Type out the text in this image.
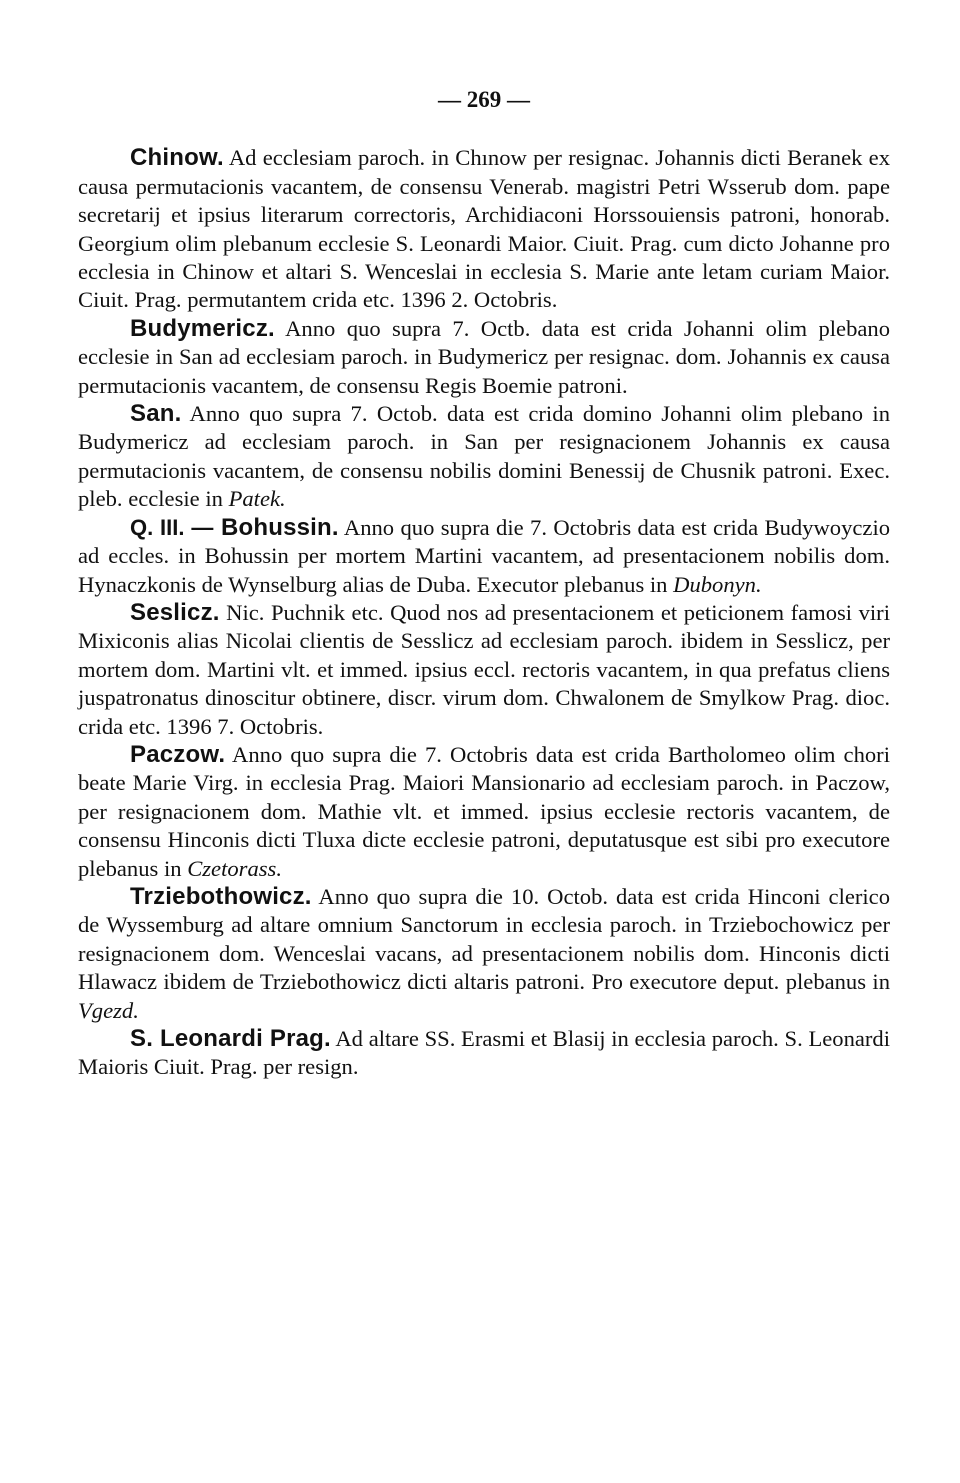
— 269 —

Chinow. Ad ecclesiam paroch. in Chınow per resignac. Johannis dicti Beranek ex causa permutacionis vacantem, de consensu Venerab. magistri Petri Wsserub dom. pape secretarij et ipsius literarum correctoris, Archidiaconi Horssouiensis patroni, honorab. Georgium olim plebanum ecclesie S. Leonardi Maior. Ciuit. Prag. cum dicto Johanne pro ecclesia in Chinow et altari S. Wenceslai in ecclesia S. Marie ante letam curiam Maior. Ciuit. Prag. permutantem crida etc. 1396 2. Octobris.

Budymericz. Anno quo supra 7. Octb. data est crida Johanni olim plebano ecclesie in San ad ecclesiam paroch. in Budymericz per resignac. dom. Johannis ex causa permutacionis vacantem, de consensu Regis Boemie patroni.

San. Anno quo supra 7. Octob. data est crida domino Johanni olim plebano in Budymericz ad ecclesiam paroch. in San per resignacionem Johannis ex causa permutacionis vacantem, de consensu nobilis domini Benessij de Chusnik patroni. Exec. pleb. ecclesie in Patek.

Q. III. — Bohussin. Anno quo supra die 7. Octobris data est crida Budywoyczio ad eccles. in Bohussin per mortem Martini vacantem, ad presentacionem nobilis dom. Hynaczkonis de Wynselburg alias de Duba. Executor plebanus in Dubonyn.

Seslicz. Nic. Puchnik etc. Quod nos ad presentacionem et peticionem famosi viri Mixiconis alias Nicolai clientis de Sesslicz ad ecclesiam paroch. ibidem in Sesslicz, per mortem dom. Martini vlt. et immed. ipsius eccl. rectoris vacantem, in qua prefatus cliens juspatronatus dinoscitur obtinere, discr. virum dom. Chwalonem de Smylkow Prag. dioc. crida etc. 1396 7. Octobris.

Paczow. Anno quo supra die 7. Octobris data est crida Bartholomeo olim chori beate Marie Virg. in ecclesia Prag. Maiori Mansionario ad ecclesiam paroch. in Paczow, per resignacionem dom. Mathie vlt. et immed. ipsius ecclesie rectoris vacantem, de consensu Hinconis dicti Tluxa dicte ecclesie patroni, deputatusque est sibi pro executore plebanus in Czetorass.

Trziebothowicz. Anno quo supra die 10. Octob. data est crida Hinconi clerico de Wyssemburg ad altare omnium Sanctorum in ecclesia paroch. in Trziebochowicz per resignacionem dom. Wenceslai vacans, ad presentacionem nobilis dom. Hinconis dicti Hlawacz ibidem de Trziebothowicz dicti altaris patroni. Pro executore deput. plebanus in Vgezd.

S. Leonardi Prag. Ad altare SS. Erasmi et Blasij in ecclesia paroch. S. Leonardi Maioris Ciuit. Prag. per resign.
